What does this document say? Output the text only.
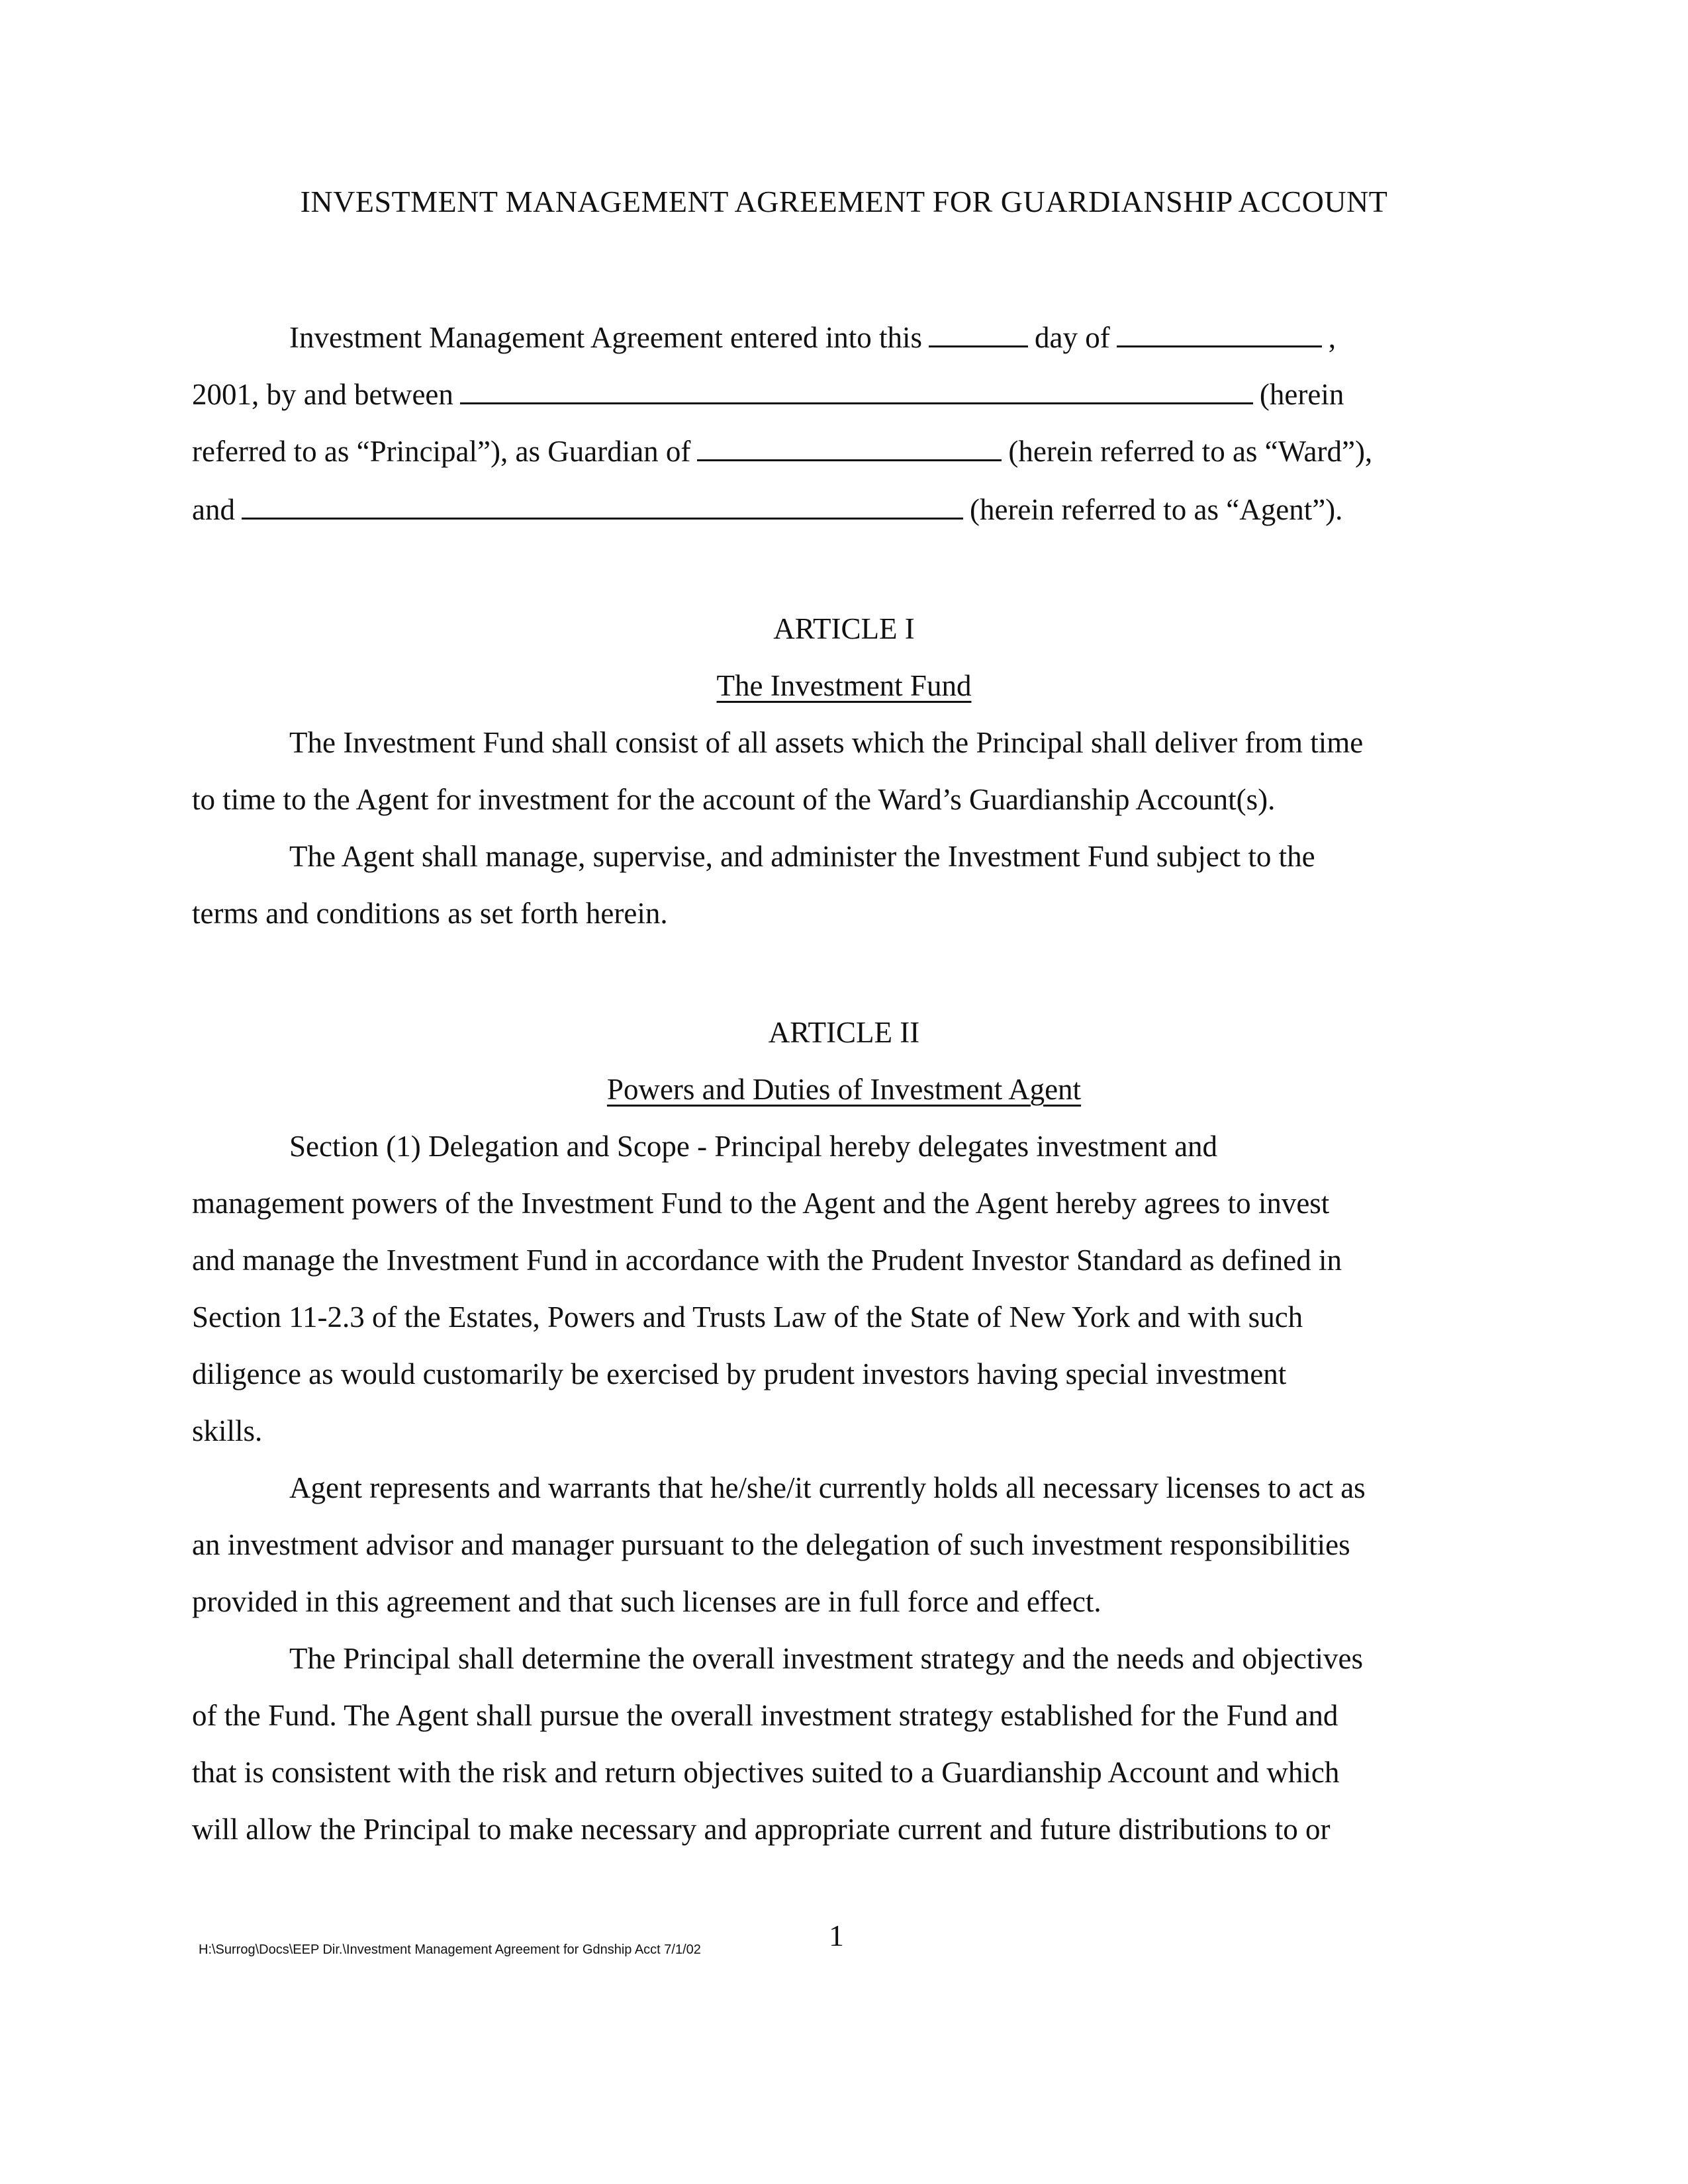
INVESTMENT MANAGEMENT AGREEMENT FOR GUARDIANSHIP ACCOUNT
Investment Management Agreement entered into this	day of	,
2001, by and between	(herein
referred to as “Principal”), as Guardian of	(herein referred to as “Ward”),
and	(herein referred to as “Agent”).
ARTICLE I
The Investment Fund
The Investment Fund shall consist of all assets which the Principal shall deliver from time
to time to the Agent for investment for the account of the Ward’s Guardianship Account(s).
The Agent shall manage, supervise, and administer the Investment Fund subject to the
terms and conditions as set forth herein.
ARTICLE II
Powers and Duties of Investment Agent
Section (1) Delegation and Scope - Principal hereby delegates investment and
management powers of the Investment Fund to the Agent and the Agent hereby agrees to invest
and manage the Investment Fund in accordance with the Prudent Investor Standard as defined in
Section 11-2.3 of the Estates, Powers and Trusts Law of the State of New York and with such
diligence as would customarily be exercised by prudent investors having special investment
skills.
Agent represents and warrants that he/she/it currently holds all necessary licenses to act as
an investment advisor and manager pursuant to the delegation of such investment responsibilities
provided in this agreement and that such licenses are in full force and effect.
The Principal shall determine the overall investment strategy and the needs and objectives
of the Fund. The Agent shall pursue the overall investment strategy established for the Fund and
that is consistent with the risk and return objectives suited to a Guardianship Account and which
will allow the Principal to make necessary and appropriate current and future distributions to or
H:\Surrog\Docs\EEP Dir.\Investment Management Agreement for Gdnship Acct 7/1/02	1
